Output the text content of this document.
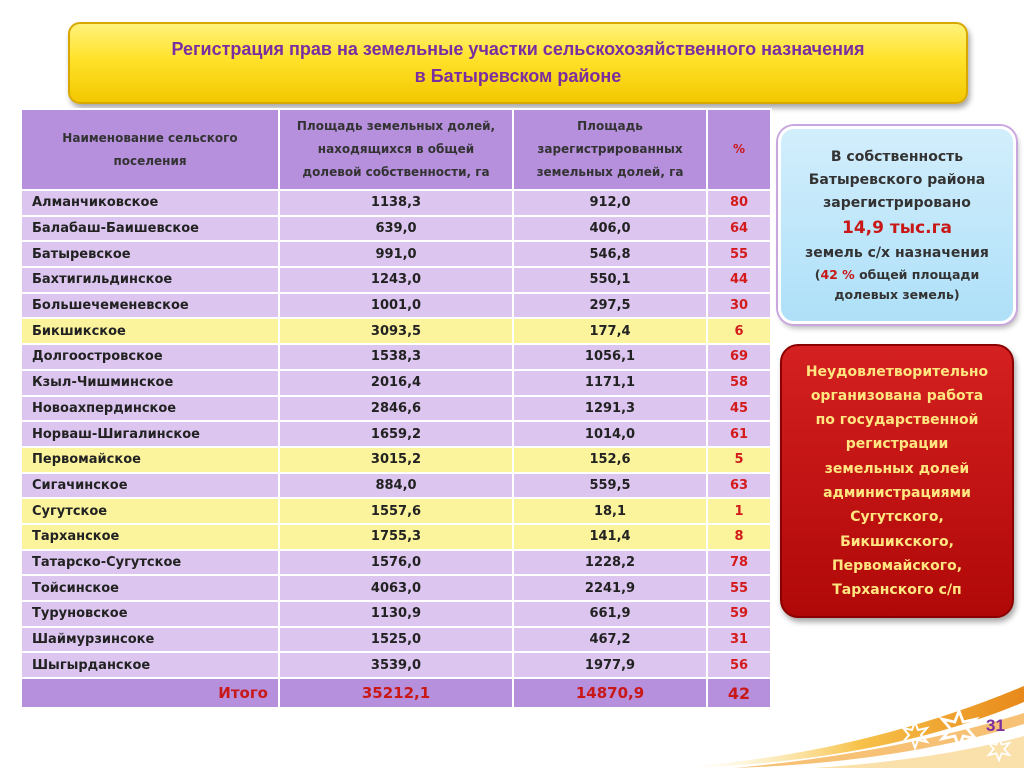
Регистрация прав на земельные участки сельскохозяйственного назначения
в Батыревском районе
Наименование сельского поселения	Площадь земельных долей, находящихся в общей долевой собственности, га	Площадь зарегистрированных земельных долей, га	%
Алманчиковское	1138,3	912,0	80
Балабаш-Баишевское	639,0	406,0	64
Батыревское	991,0	546,8	55
Бахтигильдинское	1243,0	550,1	44
Большечеменевское	1001,0	297,5	30
Бикшикское	3093,5	177,4	6
Долгоостровское	1538,3	1056,1	69
Кзыл-Чишминское	2016,4	1171,1	58
Новоахпердинское	2846,6	1291,3	45
Норваш-Шигалинское	1659,2	1014,0	61
Первомайское	3015,2	152,6	5
Сигачинское	884,0	559,5	63
Сугутское	1557,6	18,1	1
Тарханское	1755,3	141,4	8
Татарско-Сугутское	1576,0	1228,2	78
Тойсинское	4063,0	2241,9	55
Туруновское	1130,9	661,9	59
Шаймурзинсоке	1525,0	467,2	31
Шыгырданское	3539,0	1977,9	56
Итого	35212,1	14870,9	42
В собственность
Батыревского района
зарегистрировано
14,9 тыс.га
земель с/х назначения
(42 % общей площади
долевых земель)
Неудовлетворительно
организована работа
по государственной
регистрации
земельных долей
администрациями
Сугутского,
Бикшикского,
Первомайского,
Тарханского с/п
31
